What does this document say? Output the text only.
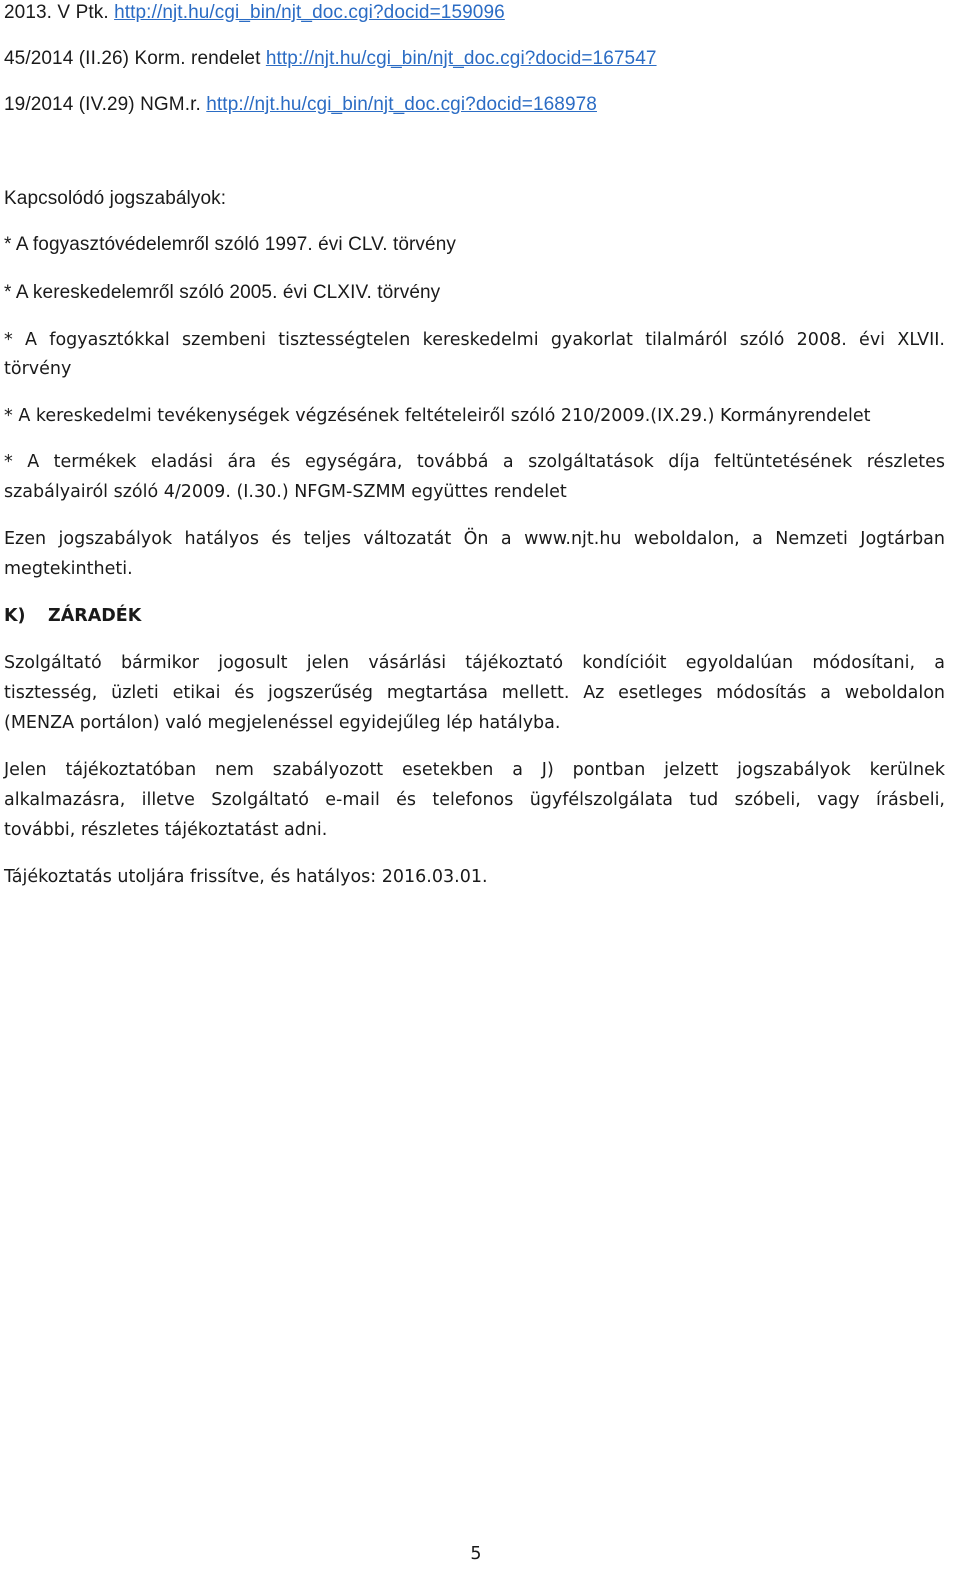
2013. V Ptk. http://njt.hu/cgi_bin/njt_doc.cgi?docid=159096
45/2014 (II.26) Korm. rendelet http://njt.hu/cgi_bin/njt_doc.cgi?docid=167547
19/2014 (IV.29) NGM.r. http://njt.hu/cgi_bin/njt_doc.cgi?docid=168978
Kapcsolódó jogszabályok:
* A fogyasztóvédelemről szóló 1997. évi CLV. törvény
* A kereskedelemről szóló 2005. évi CLXIV. törvény
* A fogyasztókkal szembeni tisztességtelen kereskedelmi gyakorlat tilalmáról szóló 2008. évi XLVII.
törvény
* A kereskedelmi tevékenységek végzésének feltételeiről szóló 210/2009.(IX.29.) Kormányrendelet
* A termékek eladási ára és egységára, továbbá a szolgáltatások díja feltüntetésének részletes
szabályairól szóló 4/2009. (I.30.) NFGM-SZMM együttes rendelet
Ezen jogszabályok hatályos és teljes változatát Ön a www.njt.hu weboldalon, a Nemzeti Jogtárban
megtekintheti.
K) ZÁRADÉK
Szolgáltató bármikor jogosult jelen vásárlási tájékoztató kondícióit egyoldalúan módosítani, a
tisztesség, üzleti etikai és jogszerűség megtartása mellett. Az esetleges módosítás a weboldalon
(MENZA portálon) való megjelenéssel egyidejűleg lép hatályba.
Jelen tájékoztatóban nem szabályozott esetekben a J) pontban jelzett jogszabályok kerülnek
alkalmazásra, illetve Szolgáltató e-mail és telefonos ügyfélszolgálata tud szóbeli, vagy írásbeli,
további, részletes tájékoztatást adni.
Tájékoztatás utoljára frissítve, és hatályos: 2016.03.01.
5
